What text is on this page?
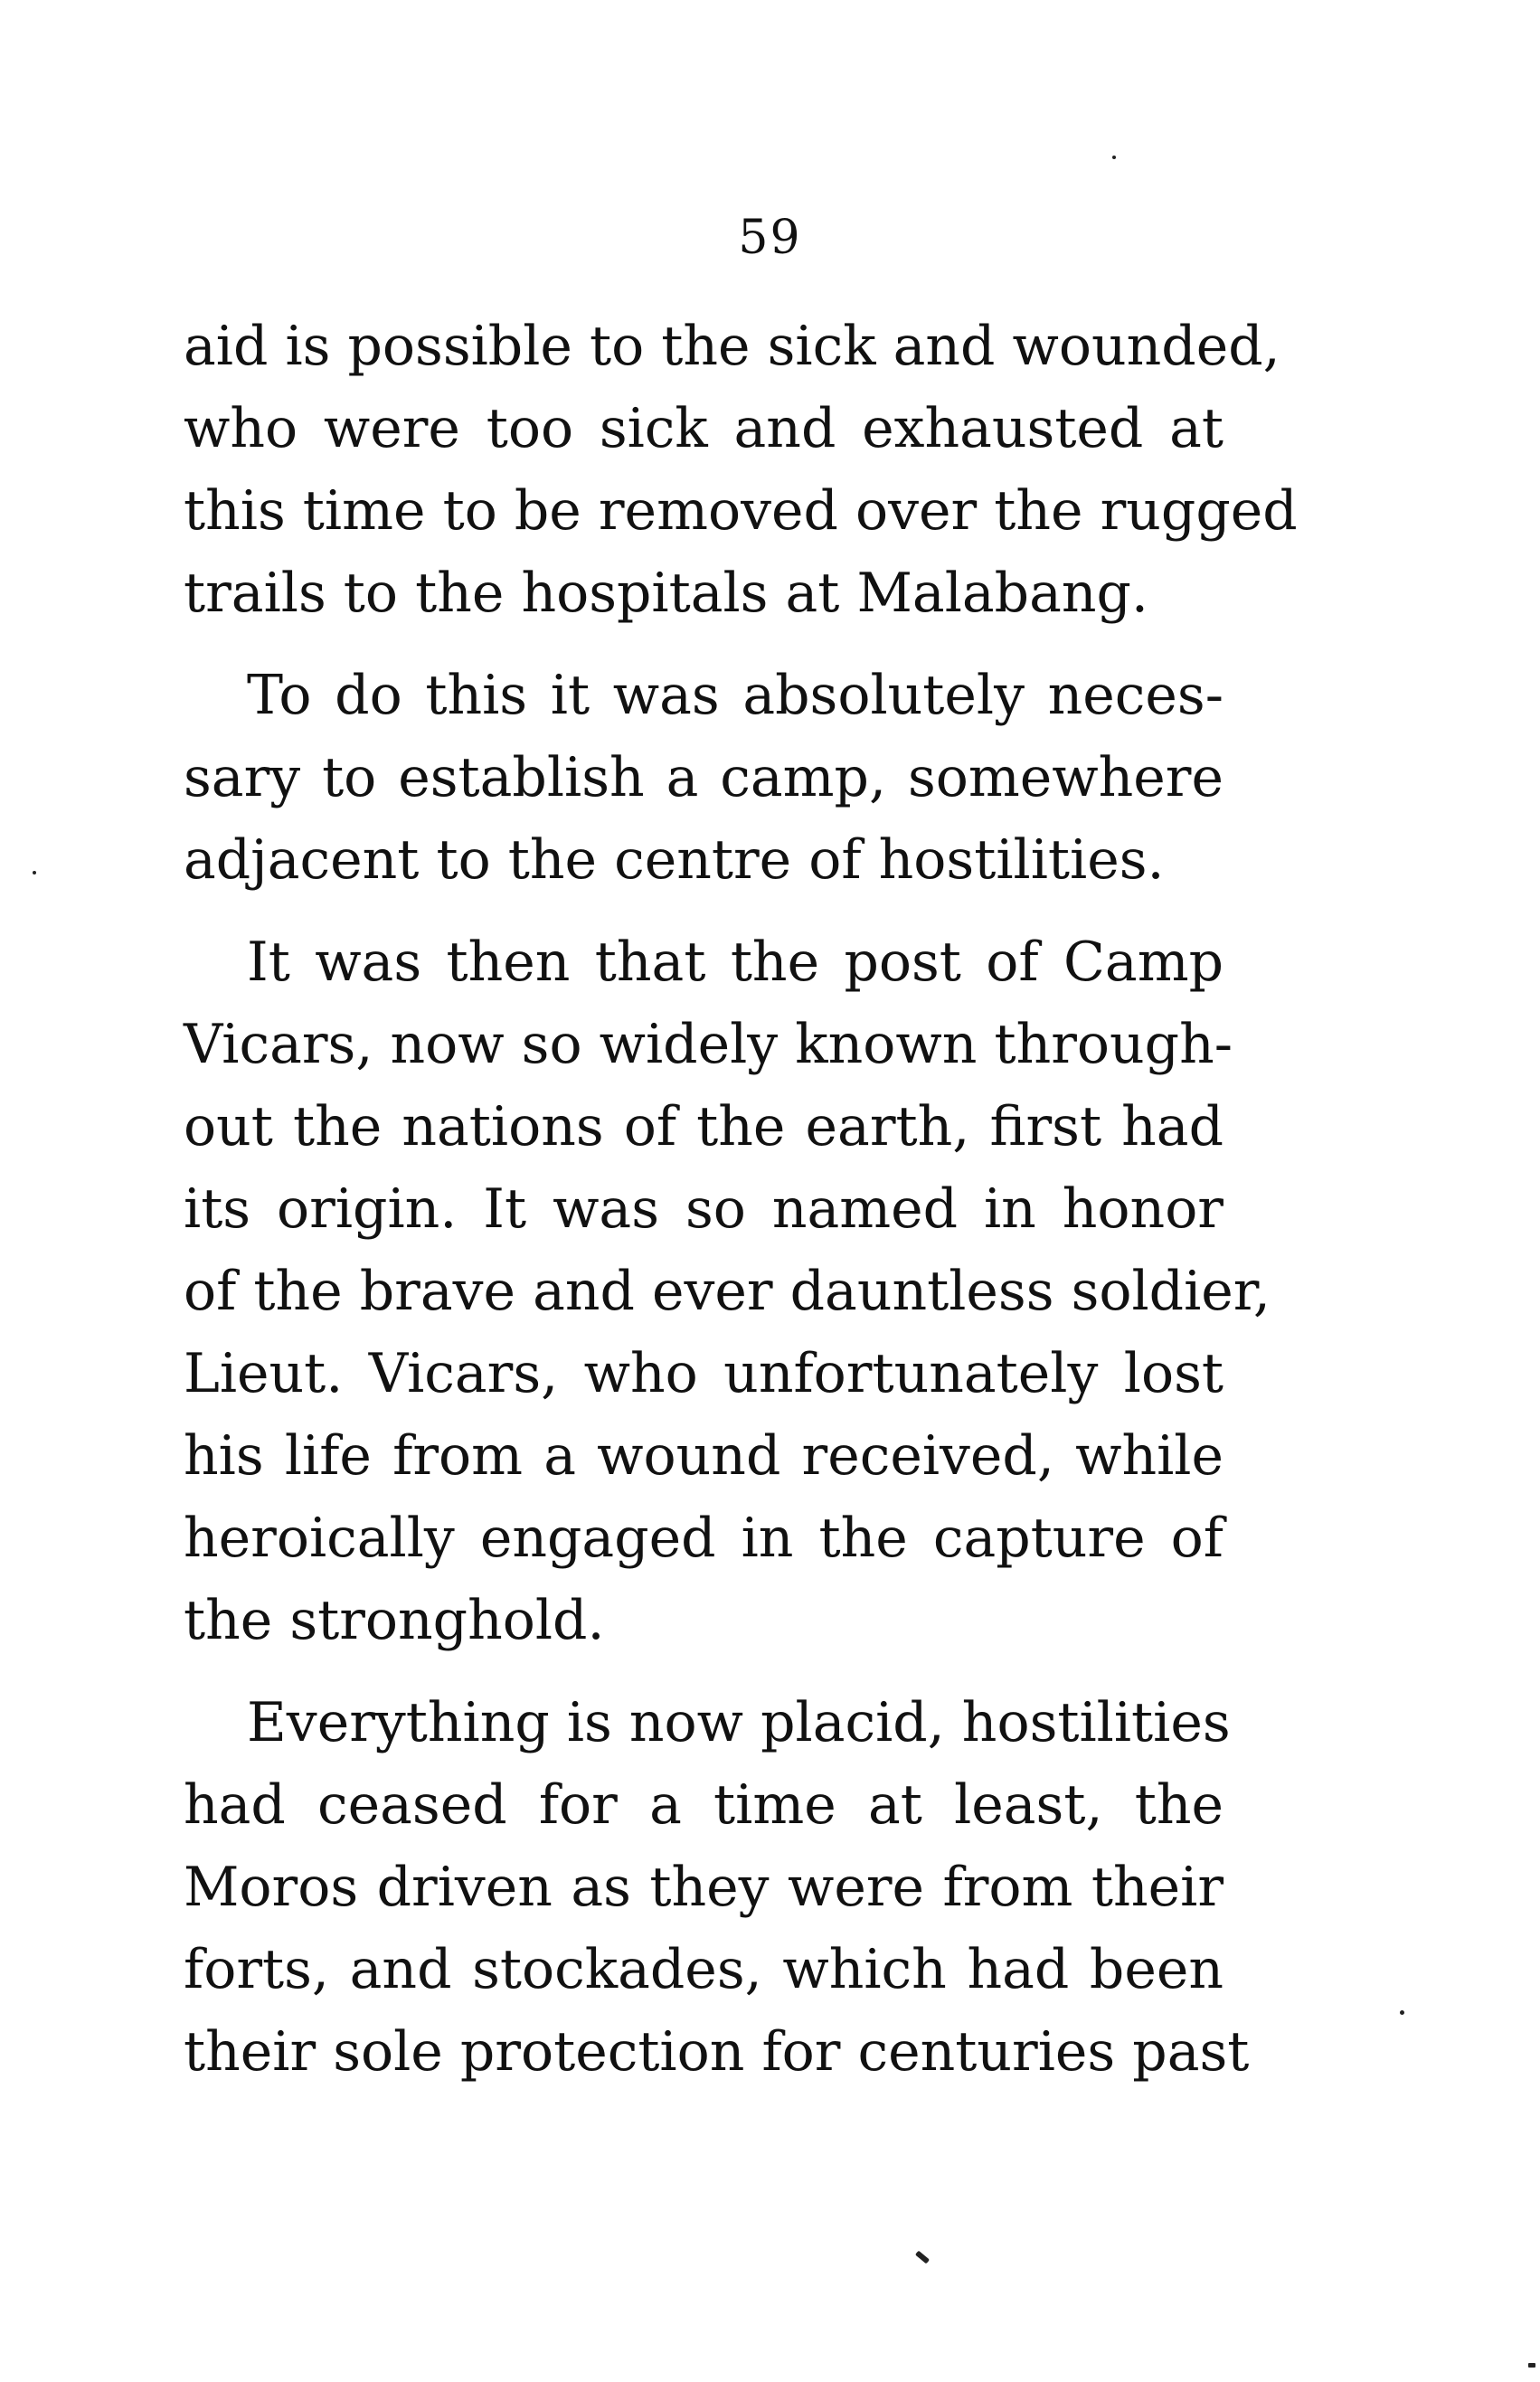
59
aid is possible to the sick and wounded,
who were too sick and exhausted at
this time to be removed over the rugged
trails to the hospitals at Malabang.
To do this it was absolutely neces-
sary to establish a camp, somewhere
adjacent to the centre of hostilities.
It was then that the post of Camp
Vicars, now so widely known through-
out the nations of the earth, first had
its origin. It was so named in honor
of the brave and ever dauntless soldier,
Lieut. Vicars, who unfortunately lost
his life from a wound received, while
heroically engaged in the capture of
the stronghold.
Everything is now placid, hostilities
had ceased for a time at least, the
Moros driven as they were from their
forts, and stockades, which had been
their sole protection for centuries past
